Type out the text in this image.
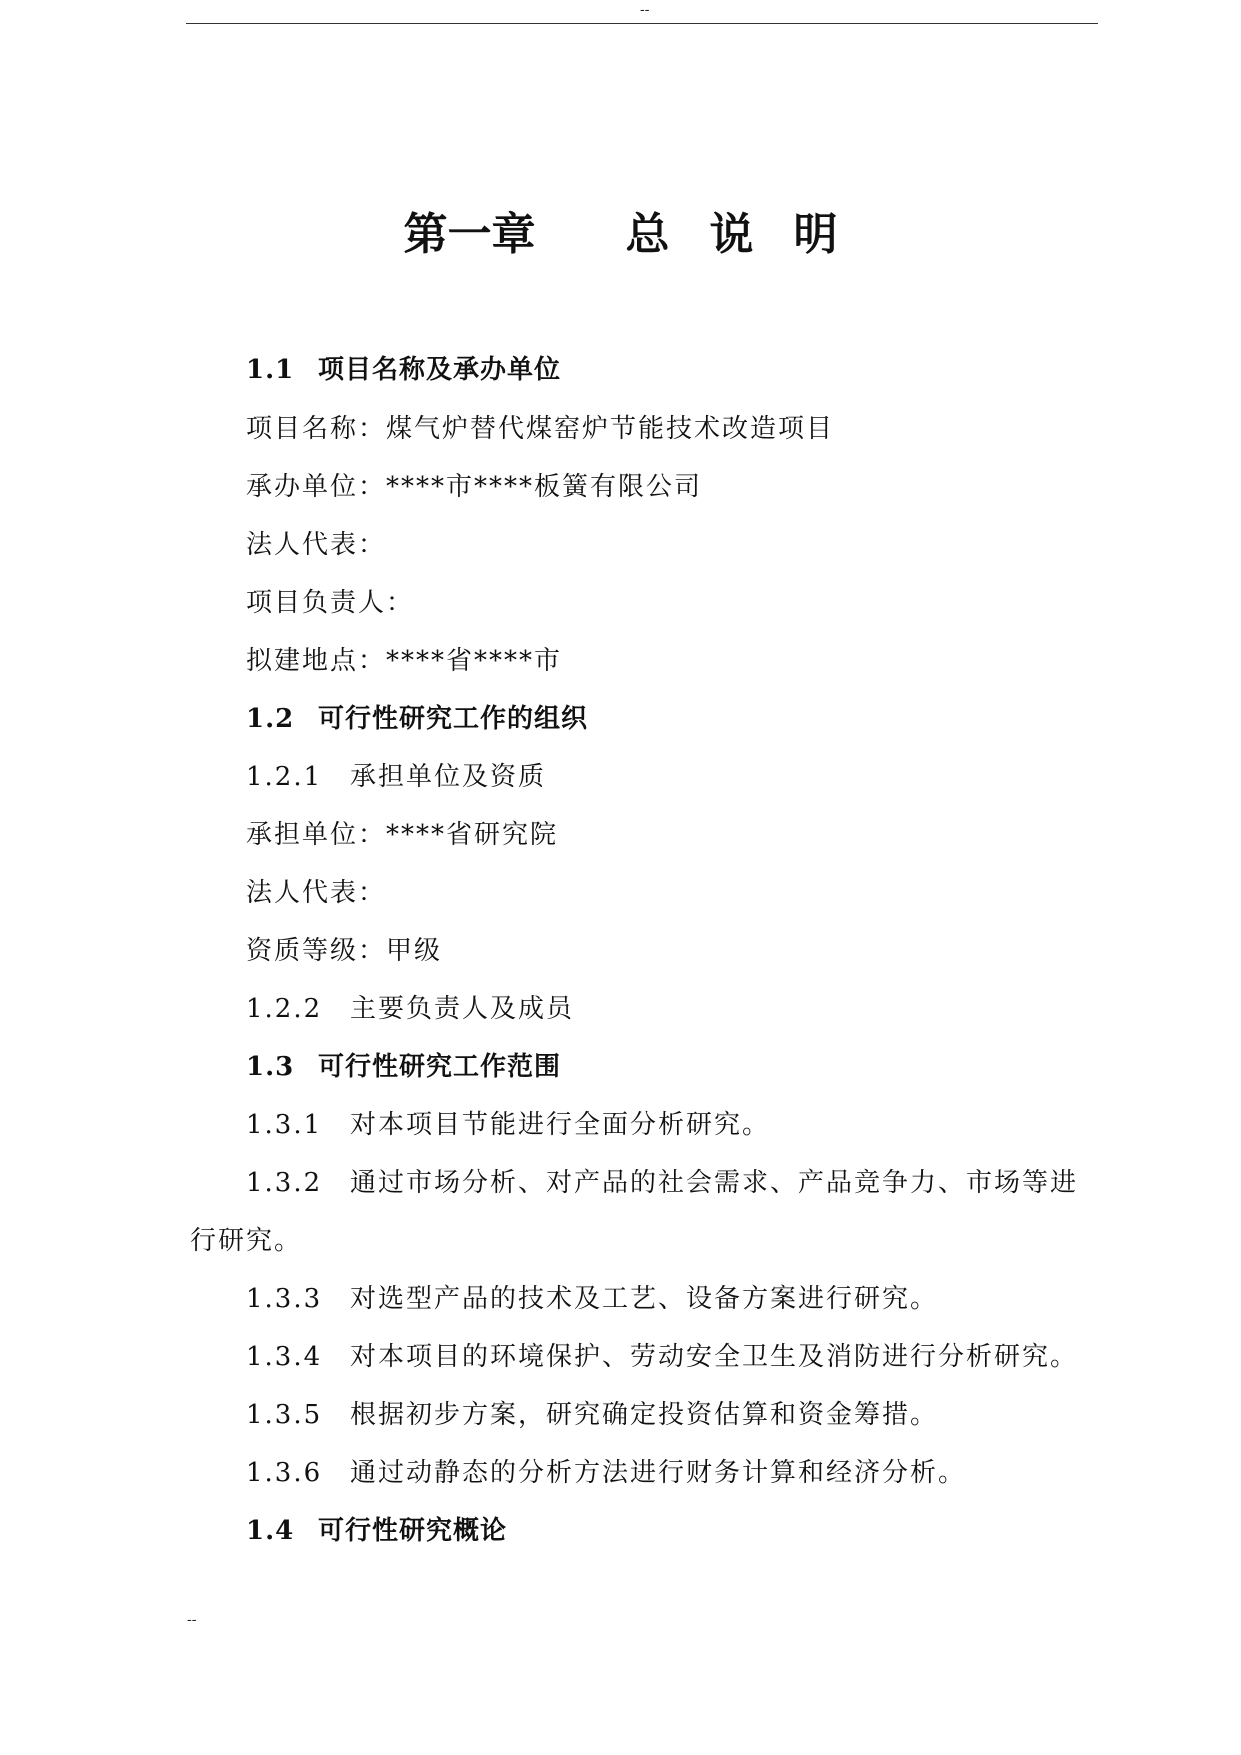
--
第一章 总 说 明
1.1 项目名称及承办单位
项目名称：煤气炉替代煤窑炉节能技术改造项目
承办单位：****市****板簧有限公司
法人代表：
项目负责人：
拟建地点：****省****市
1.2 可行性研究工作的组织
1.2.1 承担单位及资质
承担单位：****省研究院
法人代表：
资质等级：甲级
1.2.2 主要负责人及成员
1.3 可行性研究工作范围
1.3.1 对本项目节能进行全面分析研究。
1.3.2 通过市场分析、对产品的社会需求、产品竞争力、市场等进
行研究。
1.3.3 对选型产品的技术及工艺、设备方案进行研究。
1.3.4 对本项目的环境保护、劳动安全卫生及消防进行分析研究。
1.3.5 根据初步方案，研究确定投资估算和资金筹措。
1.3.6 通过动静态的分析方法进行财务计算和经济分析。
1.4 可行性研究概论
--
